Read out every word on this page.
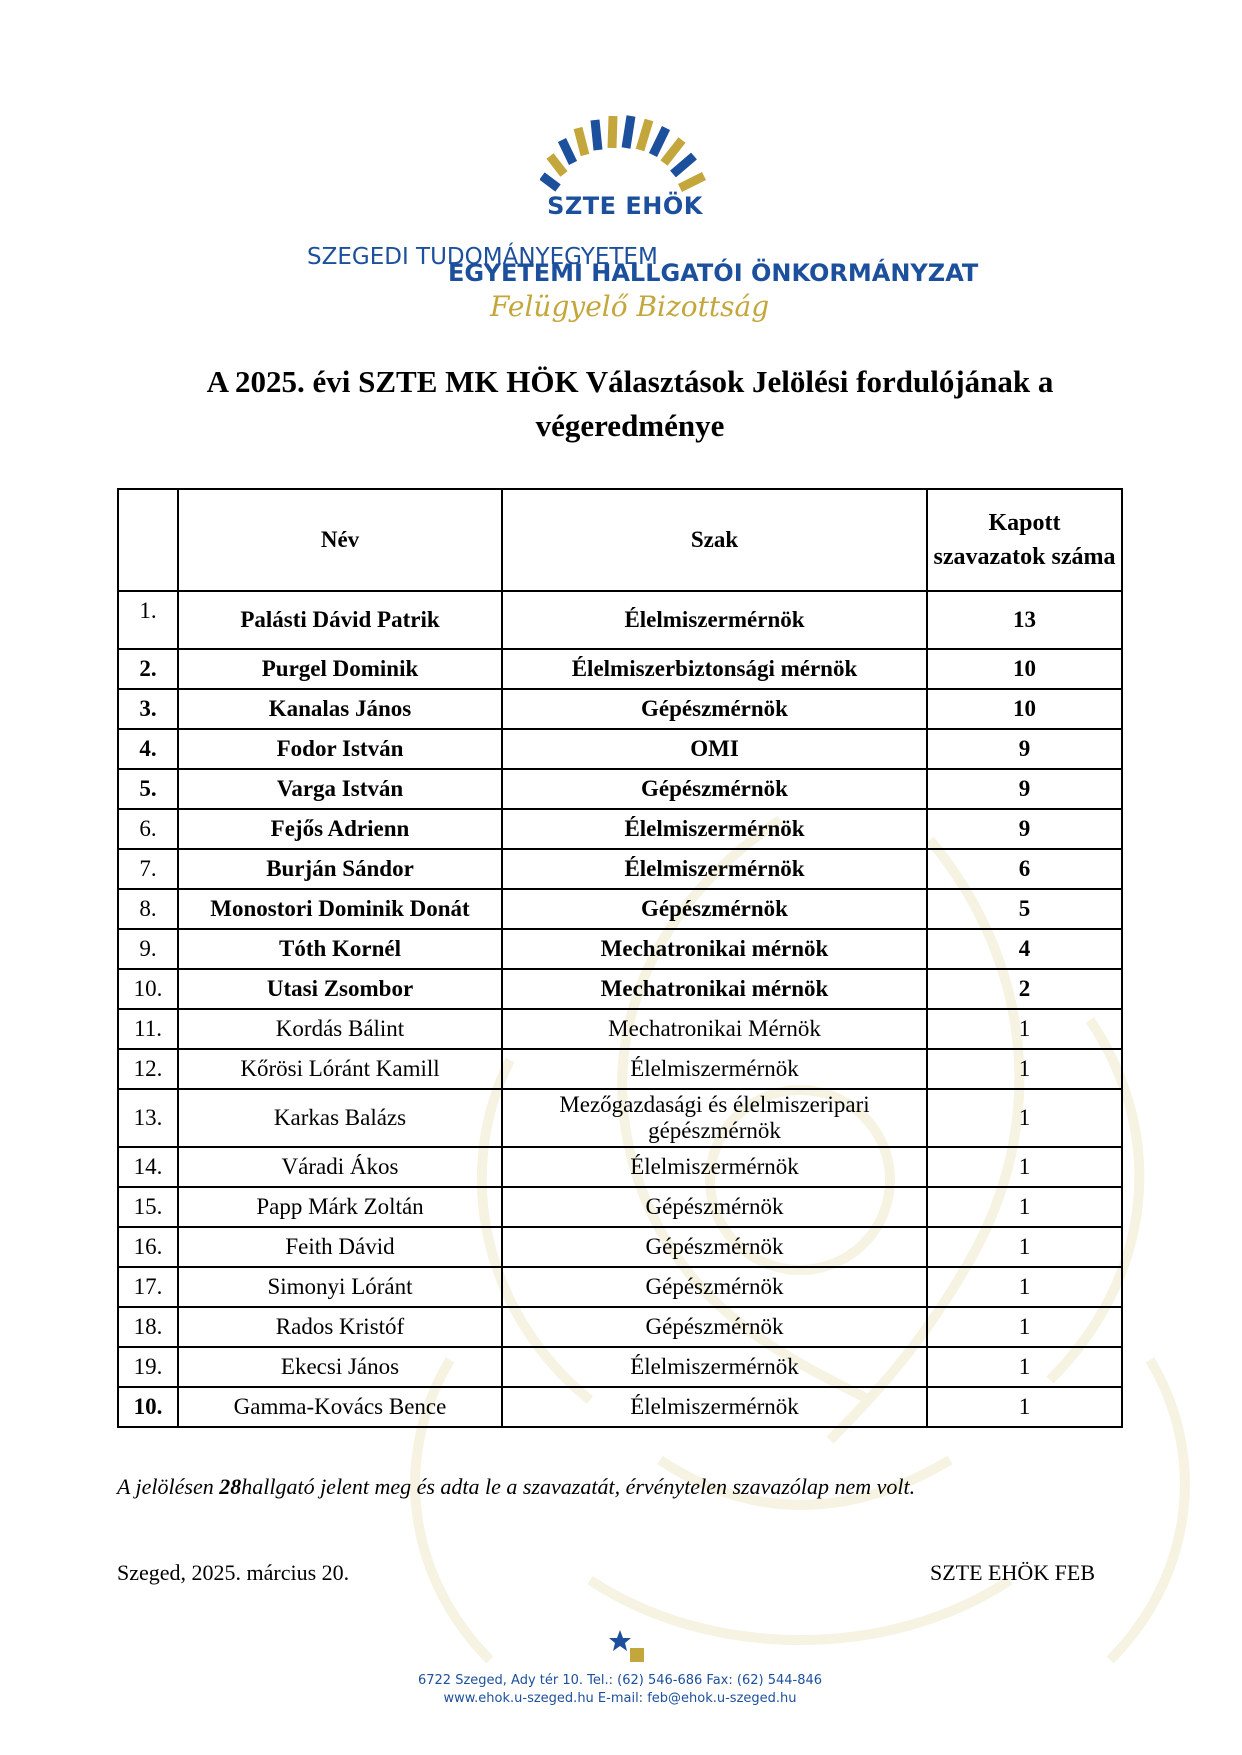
SZTE EHÖK
SZEGEDI TUDOMÁNYEGYETEM
EGYETEMI HALLGATÓI ÖNKORMÁNYZAT
Felügyelő Bizottság
A 2025. évi SZTE MK HÖK Választások Jelölési fordulójának a
végeredménye
	Név	Szak	Kapott szavazatok száma
1.	Palásti Dávid Patrik	Élelmiszermérnök	13
2.	Purgel Dominik	Élelmiszerbiztonsági mérnök	10
3.	Kanalas János	Gépészmérnök	10
4.	Fodor István	OMI	9
5.	Varga István	Gépészmérnök	9
6.	Fejős Adrienn	Élelmiszermérnök	9
7.	Burján Sándor	Élelmiszermérnök	6
8.	Monostori Dominik Donát	Gépészmérnök	5
9.	Tóth Kornél	Mechatronikai mérnök	4
10.	Utasi Zsombor	Mechatronikai mérnök	2
11.	Kordás Bálint	Mechatronikai Mérnök	1
12.	Kőrösi Lóránt Kamill	Élelmiszermérnök	1
13.	Karkas Balázs	Mezőgazdasági és élelmiszeripari gépészmérnök	1
14.	Váradi Ákos	Élelmiszermérnök	1
15.	Papp Márk Zoltán	Gépészmérnök	1
16.	Feith Dávid	Gépészmérnök	1
17.	Simonyi Lóránt	Gépészmérnök	1
18.	Rados Kristóf	Gépészmérnök	1
19.	Ekecsi János	Élelmiszermérnök	1
10.	Gamma-Kovács Bence	Élelmiszermérnök	1
A jelölésen 28hallgató jelent meg és adta le a szavazatát, érvénytelen szavazólap nem volt.
Szeged, 2025. március 20.	SZTE EHÖK FEB
6722 Szeged, Ady tér 10. Tel.: (62) 546-686 Fax: (62) 544-846
www.ehok.u-szeged.hu E-mail: feb@ehok.u-szeged.hu
